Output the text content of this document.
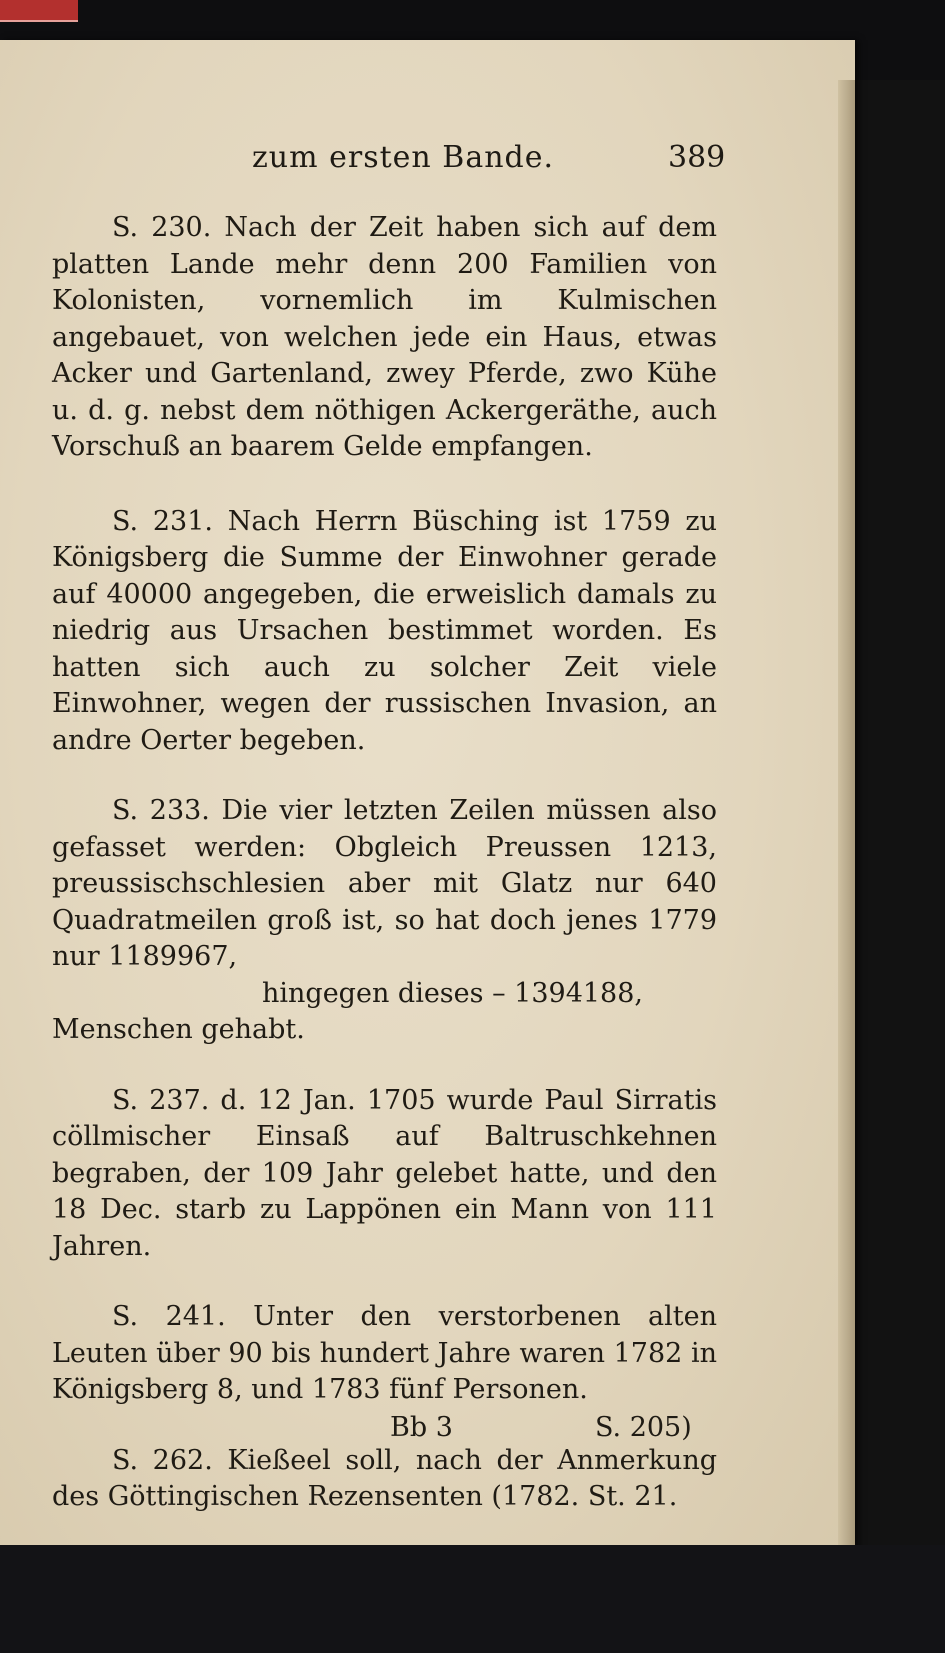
zum ersten Bande.	389

S. 230. Nach der Zeit haben sich auf dem platten Lande mehr denn 200 Familien von Kolonisten, vornemlich im Kulmischen angebauet, von welchen jede ein Haus, etwas Acker und Gartenland, zwey Pferde, zwo Kühe u. d. g. nebst dem nöthigen Ackergeräthe, auch Vorschuß an baarem Gelde empfangen.

S. 231. Nach Herrn Büsching ist 1759 zu Königsberg die Summe der Einwohner gerade auf 40000 angegeben, die erweislich damals zu niedrig aus Ursachen bestimmet worden. Es hatten sich auch zu solcher Zeit viele Einwohner, wegen der russischen Invasion, an andre Oerter begeben.

S. 233. Die vier letzten Zeilen müssen also gefasset werden: Obgleich Preussen 1213, preussischschlesien aber mit Glatz nur 640 Quadratmeilen groß ist, so hat doch jenes 1779 nur 1189967,

hingegen dieses – 1394188,

Menschen gehabt.

S. 237. d. 12 Jan. 1705 wurde Paul Sirratis cöllmischer Einsaß auf Baltruschkehnen begraben, der 109 Jahr gelebet hatte, und den 18 Dec. starb zu Lappönen ein Mann von 111 Jahren.

S. 241. Unter den verstorbenen alten Leuten über 90 bis hundert Jahre waren 1782 in Königsberg 8, und 1783 fünf Personen.

S. 262. Kießeel soll, nach der Anmerkung des Göttingischen Rezensenten (1782. St. 21.

Bb 3	S. 205)
